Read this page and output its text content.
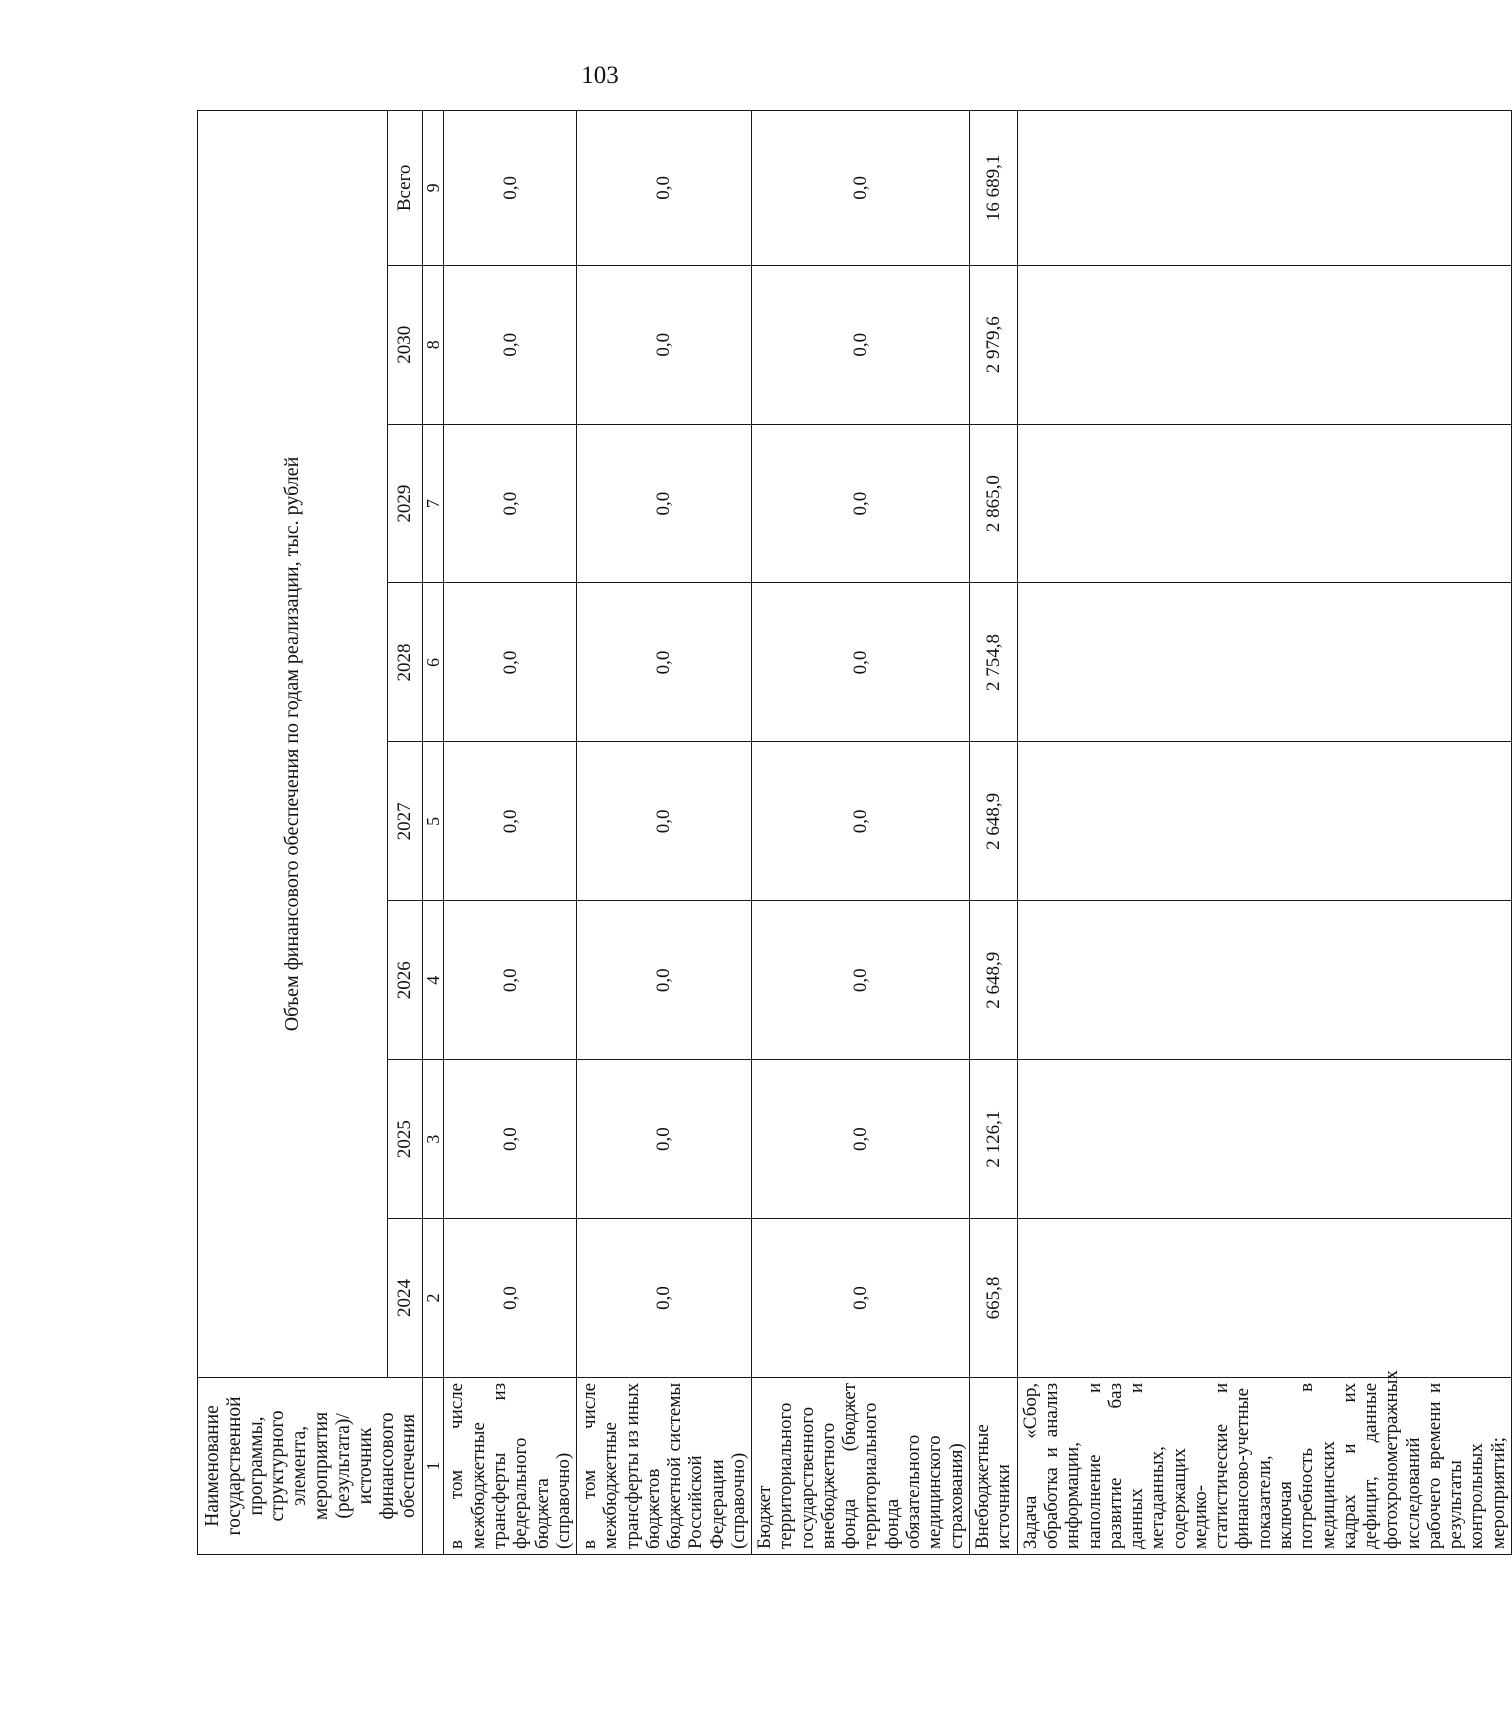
103
Наименование государственной программы, структурного элемента, мероприятия (результата)/источник финансового обеспечения	Объем финансового обеспечения по годам реализации, тыс. рублей							
	2024	2025	2026	2027	2028	2029	2030	Всего
1	2	3	4	5	6	7	8	9
в том числе межбюджетные трансферты из федерального бюджета (справочно)	0,0	0,0	0,0	0,0	0,0	0,0	0,0	0,0
в том числе межбюджетные трансферты из иных бюджетов бюджетной системы Российской Федерации (справочно)	0,0	0,0	0,0	0,0	0,0	0,0	0,0	0,0
Бюджет территориального государственного внебюджетного фонда (бюджет территориального фонда обязательного медицинского страхования)	0,0	0,0	0,0	0,0	0,0	0,0	0,0	0,0
Внебюджетные источники	665,8	2 126,1	2 648,9	2 648,9	2 754,8	2 865,0	2 979,6	16 689,1
Задача «Сбор, обработка и анализ информации, наполнение и развитие баз данных и метаданных, содержащих медико-статистические и финансово-учетные показатели, включая потребность в медицинских кадрах и их дефицит, данные фотохронометражных исследований рабочего времени и результаты контрольных мероприятий;								
